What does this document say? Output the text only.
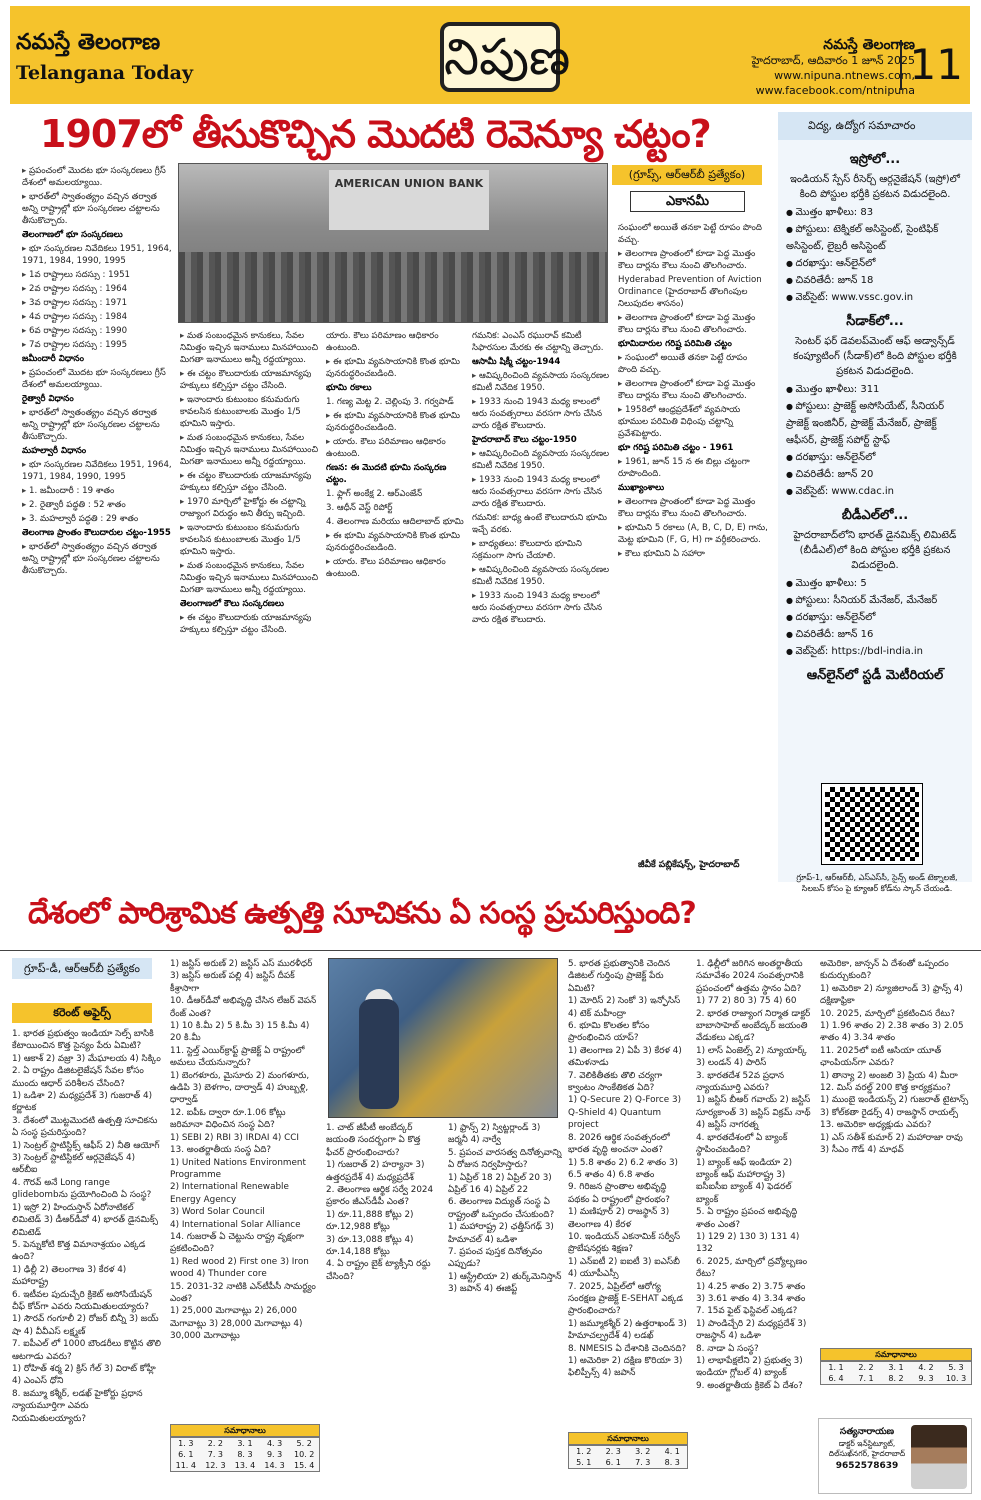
నమస్తే తెలంగాణ
Telangana Today	నిపుణ	నమస్తే తెలంగాణ
హైదరాబాద్, ఆదివారం 1 జూన్ 2025
www.nipuna.ntnews.com,
www.facebook.com/ntnipuna
11
1907లో తీసుకొచ్చిన మొదటి రెవెన్యూ చట్టం?

▸ ప్రపంచంలో మొదట భూ సంస్కరణలు గ్రీస్ దేశంలో అమలయ్యాయి.

▸ భారత్‌లో స్వాతంత్య్రం వచ్చిన తర్వాత అన్ని రాష్ట్రాల్లో భూ సంస్కరణల చట్టాలను తీసుకొచ్చారు.

తెలంగాణలో భూ సంస్కరణలు

▸ భూ సంస్కరణల నివేదికలు 1951, 1964, 1971, 1984, 1990, 1995

▸ 1వ రాష్ట్రాలు సదస్సు : 1951

▸ 2వ రాష్ట్రాల సదస్సు : 1964

▸ 3వ రాష్ట్రాల సదస్సు : 1971

▸ 4వ రాష్ట్రాల సదస్సు : 1984

▸ 6వ రాష్ట్రాల సదస్సు : 1990

▸ 7వ రాష్ట్రాల సదస్సు : 1995

జమీందారీ విధానం

▸ ప్రపంచంలో మొదట భూ సంస్కరణలు గ్రీస్ దేశంలో అమలయ్యాయి.

రైత్వారీ విధానం

▸ భారత్‌లో స్వాతంత్య్రం వచ్చిన తర్వాత అన్ని రాష్ట్రాల్లో భూ సంస్కరణల చట్టాలను తీసుకొచ్చారు.

మహల్వారీ విధానం

▸ భూ సంస్కరణల నివేదికలు 1951, 1964, 1971, 1984, 1990, 1995

▸ 1. జమీందారీ : 19 శాతం

▸ 2. రైత్వారీ పద్ధతి : 52 శాతం

▸ 3. మహల్వారీ పద్ధతి : 29 శాతం

తెలంగాణ ప్రాంతం కౌలుదారుల చట్టం-1955

▸ భారత్‌లో స్వాతంత్య్రం వచ్చిన తర్వాత అన్ని రాష్ట్రాల్లో భూ సంస్కరణల చట్టాలను తీసుకొచ్చారు.

AMERICAN UNION BANK
(గ్రూప్స్, ఆర్ఆర్‌బీ ప్రత్యేకం)
ఎకానమీ

▸ మత సంబంధమైన కానుకలు, సేవల నిమిత్తం ఇచ్చిన ఇనాములు మినహాయించి మిగతా ఇనాములు అన్నీ రద్దయ్యాయి.

▸ ఈ చట్టం కౌలుదారుకు యాజమాన్యపు హక్కులు కల్పిస్తూ చట్టం చేసింది.

▸ ఇనాందారు కుటుంబం కనుమరుగు కావలసిన కుటుంబాలకు మొత్తం 1/5 భూమిని ఇస్తారు.

▸ మత సంబంధమైన కానుకలు, సేవల నిమిత్తం ఇచ్చిన ఇనాములు మినహాయించి మిగతా ఇనాములు అన్నీ రద్దయ్యాయి.

▸ ఈ చట్టం కౌలుదారుకు యాజమాన్యపు హక్కులు కల్పిస్తూ చట్టం చేసింది.

▸ 1970 మార్చిలో హైకోర్టు ఈ చట్టాన్ని రాజ్యాంగ విరుద్ధం అని తీర్పు ఇచ్చింది.

▸ ఇనాందారు కుటుంబం కనుమరుగు కావలసిన కుటుంబాలకు మొత్తం 1/5 భూమిని ఇస్తారు.

▸ మత సంబంధమైన కానుకలు, సేవల నిమిత్తం ఇచ్చిన ఇనాములు మినహాయించి మిగతా ఇనాములు అన్నీ రద్దయ్యాయి.

తెలంగాణలో కౌలు సంస్కరణలు

▸ ఈ చట్టం కౌలుదారుకు యాజమాన్యపు హక్కులు కల్పిస్తూ చట్టం చేసింది.

యారు. కౌలు పరిమాణం ఆధికారం ఉంటుంది.

▸ ఈ భూమి వ్యవసాయానికి కొంత భూమి పునరుద్ధరించబడింది.

భూమి రకాలు

1. గణ్య మెట్ట 2. చెల్లింపు 3. గర్వపాడ్

▸ ఈ భూమి వ్యవసాయానికి కొంత భూమి పునరుద్ధరించబడింది.

▸ యారు. కౌలు పరిమాణం ఆధికారం ఉంటుంది.

గణన: ఈ మొదటి భూమి సంస్కరణ చట్టం.

1. ఫ్లాగ్ అంకేక్ష 2. ఆర్‌ఎంజేన్

3. ఆధీన్ వెస్ట్ రిపోర్ట్

4. తెలంగాణ మరియు ఆదిలాబాద్ భూమి

▸ ఈ భూమి వ్యవసాయానికి కొంత భూమి పునరుద్ధరించబడింది.

▸ యారు. కౌలు పరిమాణం ఆధికారం ఉంటుంది.

గమనిక: ఎంఎస్ రఘురావ్ కమిటీ సిఫారసుల మేరకు ఈ చట్టాన్ని తెచ్చారు.

ఆసామీ షిక్మీ చట్టం-1944

▸ ఆవిష్కరించింది వ్యవసాయ సంస్కరణల కమిటీ నివేదిక 1950.

▸ 1933 నుంచి 1943 మధ్య కాలంలో ఆరు సంవత్సరాలు వరసగా సాగు చేసిన వారు రక్షిత కౌలుదారు.

హైదరాబాద్ కౌలు చట్టం-1950

▸ ఆవిష్కరించింది వ్యవసాయ సంస్కరణల కమిటీ నివేదిక 1950.

▸ 1933 నుంచి 1943 మధ్య కాలంలో ఆరు సంవత్సరాలు వరసగా సాగు చేసిన వారు రక్షిత కౌలుదారు.

గమనిక: బాధ్య ఉంటే కౌలుదారుని భూమి ఇచ్చే వరకు.

▸ బాధ్యతలు: కౌలుదారు భూమిని సక్రమంగా సాగు చేయాలి.

▸ ఆవిష్కరించింది వ్యవసాయ సంస్కరణల కమిటీ నివేదిక 1950.

▸ 1933 నుంచి 1943 మధ్య కాలంలో ఆరు సంవత్సరాలు వరసగా సాగు చేసిన వారు రక్షిత కౌలుదారు.

సంఘంలో అయితే తనకా పెట్టే రూపం పొంది వచ్చు.

▸ తెలంగాణ ప్రాంతంలో కూడా పెద్ద మొత్తం కౌలు దార్లను కౌలు నుంచి తొలగించారు.

Hyderabad Prevention of Aviction Ordinance (హైదరాబాద్ తొలగింపుల నిలుపుదల శాసనం)

▸ తెలంగాణ ప్రాంతంలో కూడా పెద్ద మొత్తం కౌలు దార్లను కౌలు నుంచి తొలగించారు.

భూమిదారుల గరిష్ట పరిమితి చట్టం

▸ సంఘంలో అయితే తనకా పెట్టే రూపం పొంది వచ్చు.

▸ తెలంగాణ ప్రాంతంలో కూడా పెద్ద మొత్తం కౌలు దార్లను కౌలు నుంచి తొలగించారు.

▸ 1958లో ఆంధ్రప్రదేశ్‌లో వ్యవసాయ భూముల పరిమితి విధింపు చట్టాన్ని ప్రవేశపెట్టారు.

భూ గరిష్ట పరిమితి చట్టం - 1961

▸ 1961, జూన్ 15 న ఈ బిల్లు చట్టంగా రూపొందింది.

ముఖ్యాంశాలు

▸ తెలంగాణ ప్రాంతంలో కూడా పెద్ద మొత్తం కౌలు దార్లను కౌలు నుంచి తొలగించారు.

▸ భూమిని 5 రకాలు (A, B, C, D, E) గాను, మెట్ట భూమిని (F, G, H) గా వర్గీకరించారు.

▸ కౌలు భూమిని ఏ సహారా

జీవీకే పబ్లికేషన్స్, హైదరాబాద్
విద్య, ఉద్యోగ సమాచారం
ఇస్రోలో...
ఇండియన్ స్పేస్ రీసెర్చ్ ఆర్గనైజేషన్ (ఇస్రో)లో కింది పోస్టుల భర్తీకి ప్రకటన విడుదలైంది.
● మొత్తం ఖాళీలు: 83
● పోస్టులు: టెక్నికల్ అసిస్టెంట్, సైంటిఫిక్ అసిస్టెంట్, లైబ్రరీ అసిస్టెంట్
● దరఖాస్తు: ఆన్‌లైన్‌లో
● చివరితేదీ: జూన్ 18
● వెబ్‌సైట్: www.vssc.gov.in
సీడాక్‌లో...
సెంటర్ ఫర్ డెవలప్‌మెంట్ ఆఫ్ అడ్వాన్స్‌డ్ కంప్యూటింగ్ (సీడాక్)లో కింది పోస్టుల భర్తీకి ప్రకటన విడుదలైంది.
● మొత్తం ఖాళీలు: 311
● పోస్టులు: ప్రాజెక్ట్ అసోసియేట్, సీనియర్ ప్రాజెక్ట్ ఇంజినీర్, ప్రాజెక్ట్ మేనేజర్, ప్రాజెక్ట్ ఆఫీసర్, ప్రాజెక్ట్ సపోర్ట్ స్టాఫ్
● దరఖాస్తు: ఆన్‌లైన్‌లో
● చివరితేదీ: జూన్ 20
● వెబ్‌సైట్: www.cdac.in
బీడీఎల్‌లో...
హైదరాబాద్‌లోని భారత్ డైనమిక్స్ లిమిటెడ్ (బీడీఎల్)లో కింది పోస్టుల భర్తీకి ప్రకటన విడుదలైంది.
● మొత్తం ఖాళీలు: 5
● పోస్టులు: సీనియర్ మేనేజర్, మేనేజర్
● దరఖాస్తు: ఆన్‌లైన్‌లో
● చివరితేదీ: జూన్ 16
● వెబ్‌సైట్: https://bdl-india.in
ఆన్‌లైన్‌లో స్టడీ మెటీరియల్
గ్రూప్-1, ఆర్ఆర్‌బీ, ఎస్ఎస్‌సీ, సైన్స్ అండ్ టెక్నాలజీ, సిలబస్ కోసం పై క్యూఆర్ కోడ్‌ను స్కాన్ చేయండి.
దేశంలో పారిశ్రామిక ఉత్పత్తి సూచికను ఏ సంస్థ ప్రచురిస్తుంది?
గ్రూప్-డీ, ఆర్ఆర్‌బీ ప్రత్యేకం
కరెంట్ అఫైర్స్
1. భారత ప్రభుత్వం ఇండియా సెల్స్ బాసికి కేటాయించిన కొత్త సైన్యం పేరు ఏమిటి?
1) ఆకాశ్ 2) వజ్రా 3) మేఘాలయ 4) సిక్కిం
2. ఏ రాష్ట్రం డిజిటలైజేషన్ సేవల కోసం ముందు ఆధార్ పరిశీలన చేసింది?
1) ఒడిశా 2) మధ్యప్రదేశ్ 3) గుజరాత్ 4) కర్ణాటక
3. దేశంలో మొట్టమొదటి ఉత్పత్తి సూచికను ఏ సంస్థ ప్రచురిస్తుంది?
1) సెంట్రల్ స్టాటిస్టిక్స్ ఆఫీస్ 2) నీతి ఆయోగ్ 3) సెంట్రల్ స్టాటిస్టికల్ ఆర్గనైజేషన్ 4) ఆర్‌బీఐ
4. గౌరవ్ అనే Long range glidebombను ప్రయోగించింది ఏ సంస్థ?
1) ఇస్రో 2) హిందుస్తాన్ ఏరోనాటికల్ లిమిటెడ్ 3) డీఆర్‌డీవో 4) భారత్ డైనమిక్స్ లిమిటెడ్
5. పెన్నుకోటి కొత్త విమానాశ్రయం ఎక్కడ ఉంది?
1) ఢిల్లీ 2) తెలంగాణ 3) కేరళ 4) మహారాష్ట్ర
6. ఇటీవల పుదుచ్చేరి క్రికెట్ అసోసియేషన్ చీఫ్ కోచ్‌గా ఎవరు నియమితులయ్యారు?
1) సౌరవ్ గంగూలీ 2) రోజర్ బిన్నీ 3) జయ్ షా 4) వీవీఎస్ లక్ష్మణ్
7. ఐపీఎల్ లో 1000 బౌండరీలు కొట్టిన తొలి ఆటగాడు ఎవరు?
1) రోహిత్ శర్మ 2) క్రిస్ గేల్ 3) విరాట్ కోహ్లీ 4) ఎంఎస్ ధోని
8. జమ్మూ కశ్మీర్, లడఖ్ హైకోర్టు ప్రధాన న్యాయమూర్తిగా ఎవరు నియమితులయ్యారు?
1) జస్టిస్ అరుణ్ 2) జస్టిస్ ఎస్ మురళీధర్ 3) జస్టిస్ అరుణ్ పల్లి 4) జస్టిస్ దీపక్ కీశ్రాసాగా
10. డీఆర్‌డీవో అభివృద్ధి చేసిన లేజర్ వెపన్ రేంజ్ ఎంత?
1) 10 కి.మీ 2) 5 కి.మీ 3) 15 కి.మీ 4) 20 కి.మీ
11. స్టెల్త్ ఎయిర్‌క్రాఫ్ట్ ప్రాజెక్ట్ ఏ రాష్ట్రంలో అమలు చేయనున్నారు?
1) బెంగళూరు, మైసూరు 2) మంగళూరు, ఉడిపి 3) బెళగాం, దార్వాడ్ 4) హుబ్బళ్లి, ధార్వాడ్
12. ఐపీఓ ద్వారా రూ.1.06 కోట్లు జరిమానా విధించిన సంస్థ ఏది?
1) SEBI 2) RBI 3) IRDAI 4) CCI
13. అంతర్జాతీయ సంస్థ ఏది?
1) United Nations Environment Programme
2) International Renewable Energy Agency
3) Word Solar Council
4) International Solar Alliance
14. గుజరాత్ ఏ చెట్టును రాష్ట్ర వృక్షంగా ప్రకటించింది?
1) Red wood 2) First one 3) Iron wood 4) Thunder core
15. 2031-32 నాటికి ఎన్‌టీపీసీ సామర్థ్యం ఎంత?
1) 25,000 మెగావాట్లు 2) 26,000 మెగావాట్లు 3) 28,000 మెగావాట్లు 4) 30,000 మెగావాట్లు
సమాధానాలు
1. 3	2. 2	3. 1	4. 3	5. 2
6. 1	7. 3	8. 3	9. 3	10. 2
11. 4	12. 3	13. 4	14. 3	15. 4
1. చాట్ జీపీటీ అంబేద్కర్ జయంతి సందర్భంగా ఏ కొత్త ఫీచర్ ప్రారంభించారు?
1) గుజరాత్ 2) హర్యానా 3) ఉత్తరప్రదేశ్ 4) మధ్యప్రదేశ్
2. తెలంగాణ ఆర్థిక సర్వే 2024 ప్రకారం జీఎస్‌డీపీ ఎంత?
1) రూ.11,888 కోట్లు 2) రూ.12,988 కోట్లు
3) రూ.13,088 కోట్లు 4) రూ.14,188 కోట్లు
4. ఏ రాష్ట్రం బైక్ ట్యాక్సీని రద్దు చేసింది?
1) ఫ్రాన్స్ 2) స్విట్జర్లాండ్ 3) జర్మనీ 4) నార్వే
5. ప్రపంచ వారసత్వ దినోత్సవాన్ని ఏ రోజున నిర్వహిస్తారు?
1) ఏప్రిల్ 18 2) ఏప్రిల్ 20 3) ఏప్రిల్ 16 4) ఏప్రిల్ 22
6. తెలంగాణ విద్యుత్ సంస్థ ఏ రాష్ట్రంతో ఒప్పందం చేసుకుంది?
1) మహారాష్ట్ర 2) ఛత్తీస్‌గఢ్ 3) హిమాచల్ 4) ఒడిశా
7. ప్రపంచ పుస్తక దినోత్సవం ఎప్పుడు?
1) ఆస్ట్రేలియా 2) తుర్క్‌మెనిస్తాన్ 3) జపాన్ 4) ఈజిప్ట్
5. భారత ప్రభుత్వానికి చెందిన డిజిటల్ గుర్తింపు ప్రాజెక్ట్ పేరు ఏమిటి?
1) మోరిస్ 2) సెంకో 3) ఇన్ఫోసిస్ 4) టెక్ మహీంద్రా
6. భూమి కొలతల కోసం ప్రారంభించిన యాప్?
1) తెలంగాణ 2) ఏపీ 3) కేరళ 4) తమిళనాడు
7. వెలికితీతకు తొలి చర్యగా క్వాంటం సాంకేతికత ఏది?
1) Q-Secure 2) Q-Force 3) Q-Shield 4) Quantum project
8. 2026 ఆర్థిక సంవత్సరంలో భారత వృద్ధి అంచనా ఎంత?
1) 5.8 శాతం 2) 6.2 శాతం 3) 6.5 శాతం 4) 6.8 శాతం
9. గిరిజన ప్రాంతాల అభివృద్ధి పథకం ఏ రాష్ట్రంలో ప్రారంభం?
1) మణిపూర్ 2) రాజస్థాన్ 3) తెలంగాణ 4) కేరళ
10. ఇండియన్ ఎకనామిక్ సర్వీస్ ప్రొబేషనర్లకు శిక్షణ?
1) ఎన్‌ఐటీ 2) ఐఐటీ 3) ఐఎస్‌బీ 4) యూపీఎస్సీ
7. 2025, ఏప్రిల్‌లో ఆరోగ్య సంరక్షణ ప్రాజెక్ట్ E-SEHAT ఎక్కడ ప్రారంభించారు?
1) జమ్మూకశ్మీర్ 2) ఉత్తరాఖండ్ 3) హిమాచల్ప్రదేశ్ 4) లడఖ్
8. NMESIS ఏ దేశానికి చెందినది?
1) అమెరికా 2) దక్షిణ కొరియా 3) ఫిలిప్పీన్స్ 4) జపాన్
సమాధానాలు
1. 2	2. 3	3. 2	4. 1
5. 1	6. 1	7. 3	8. 3
1. ఢిల్లీలో జరిగిన అంతర్జాతీయ సమావేశం 2024 సంవత్సరానికి ప్రపంచంలో ఉత్తమ స్థానం ఏది?
1) 77 2) 80 3) 75 4) 60
2. భారత రాజ్యాంగ నిర్మాత డాక్టర్ బాబాసాహెబ్ అంబేద్కర్ జయంతి వేడుకలు ఎక్కడ?
1) లాస్ ఏంజెల్స్ 2) న్యూయార్క్ 3) లండన్ 4) పారిస్
3. భారతదేశ 52వ ప్రధాన న్యాయమూర్తి ఎవరు?
1) జస్టిస్ బీఆర్ గవాయ్ 2) జస్టిస్ సూర్యకాంత్ 3) జస్టిస్ విక్రమ్ నాథ్ 4) జస్టిస్ నాగరత్న
4. భారతదేశంలో ఏ బ్యాంక్ స్థాపించబడింది?
1) బ్యాంక్ ఆఫ్ ఇండియా 2) బ్యాంక్ ఆఫ్ మహారాష్ట్ర 3) ఐసీఐసీఐ బ్యాంక్ 4) ఫెడరల్ బ్యాంక్
5. ఏ రాష్ట్రం ప్రపంచ అభివృద్ధి శాతం ఎంత?
1) 129 2) 130 3) 131 4) 132
6. 2025, మార్చిలో ద్రవ్యోల్బణం రేటు?
1) 4.25 శాతం 2) 3.75 శాతం 3) 3.61 శాతం 4) 3.34 శాతం
7. 15వ ఫైట్ ఫెస్టివల్ ఎక్కడ?
1) పాండిచ్చేరి 2) మధ్యప్రదేశ్ 3) రాజస్థాన్ 4) ఒడిశా
8. నాడా ఏ సంస్థ?
1) లాభాపేక్షలేని 2) ప్రభుత్వ 3) ఇండియా గ్లోబల్ 4) బ్యాంక్
9. అంతర్జాతీయ క్రికెట్ ఏ దేశం?
అమెరికా, జాన్సన్ ఏ దేశంతో ఒప్పందం కుదుర్చుకుంది?
1) అమెరికా 2) న్యూజిలాండ్ 3) ఫ్రాన్స్ 4) దక్షిణాఫ్రికా
10. 2025, మార్చిలో ప్రకటించిన రేటు?
1) 1.96 శాతం 2) 2.38 శాతం 3) 2.05 శాతం 4) 3.34 శాతం
11. 2025లో ఐటీ ఆసియా యూత్ ఛాంపియన్‌గా ఎవరు?
1) తాన్యా 2) అంజలి 3) ప్రియ 4) మీరా
12. మిస్ వరల్డ్ 200 కొత్త కార్యక్రమం?
1) ముంబై ఇండియన్స్ 2) గుజరాత్ టైటాన్స్ 3) కోల్‌కతా రైడర్స్ 4) రాజస్థాన్ రాయల్స్
13. అమెరికా అధ్యక్షుడు ఎవరు?
1) ఎస్ సతీశ్ కుమార్ 2) మహారాజా రావు 3) సీఎం గౌడ్ 4) మాధవ్
సమాధానాలు
1. 1	2. 2	3. 1	4. 2	5. 3
6. 4	7. 1	8. 2	9. 3	10. 3
సత్యనారాయణ
డాక్టర్ ఇన్‌స్టిట్యూట్, దిల్‌సుఖ్‌నగర్, హైదరాబాద్
9652578639
